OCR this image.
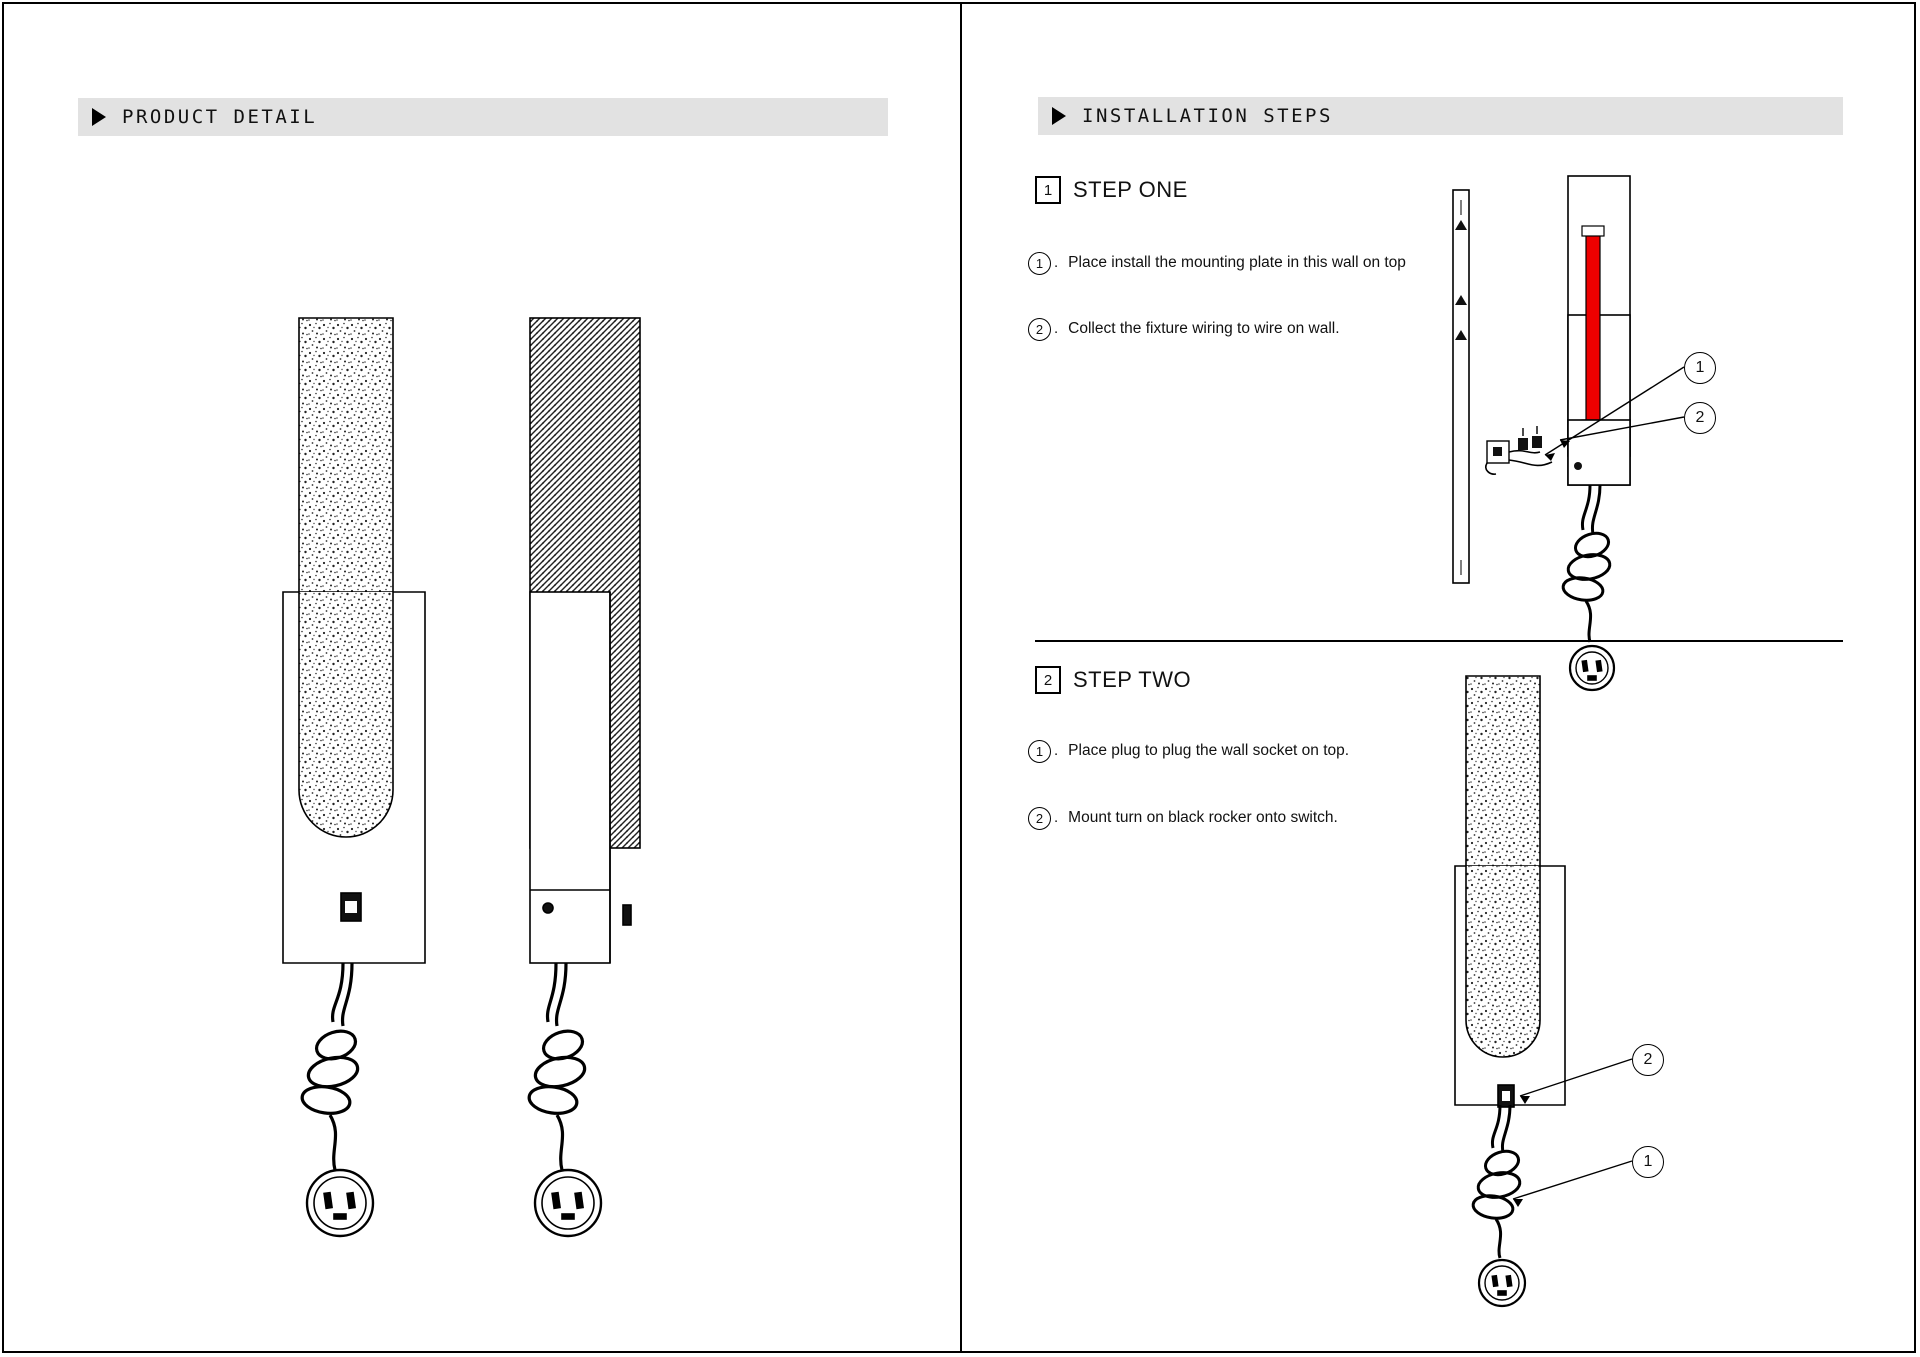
PRODUCT DETAIL	INSTALLATION STEPS
1 STEP ONE
1 . Place install the mounting plate in this wall on top
2 . Collect the fixture wiring to wire on wall.
2 STEP TWO
1 . Place plug to plug the wall socket on top.
2 . Mount turn on black rocker onto switch.
1
2
2
1
